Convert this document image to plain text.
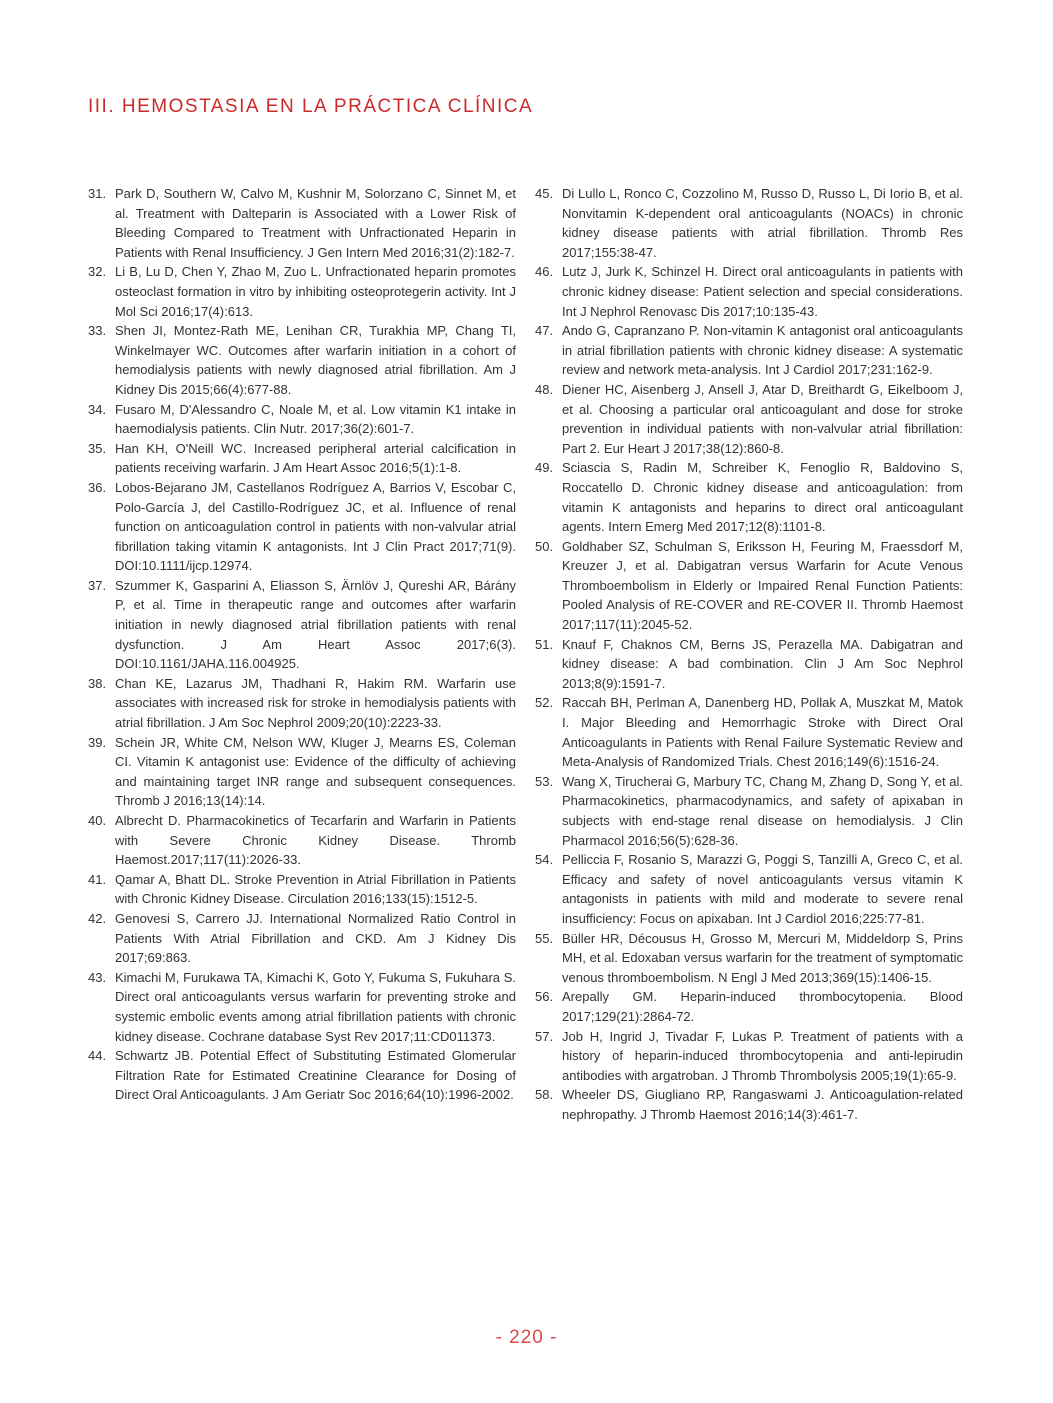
III. HEMOSTASIA EN LA PRÁCTICA CLÍNICA
31. Park D, Southern W, Calvo M, Kushnir M, Solorzano C, Sinnet M, et al. Treatment with Dalteparin is Associated with a Lower Risk of Bleeding Compared to Treatment with Unfractionated Heparin in Patients with Renal Insufficiency. J Gen Intern Med 2016;31(2):182-7.
32. Li B, Lu D, Chen Y, Zhao M, Zuo L. Unfractionated heparin promotes osteoclast formation in vitro by inhibiting osteoprotegerin activity. Int J Mol Sci 2016;17(4):613.
33. Shen JI, Montez-Rath ME, Lenihan CR, Turakhia MP, Chang TI, Winkelmayer WC. Outcomes after warfarin initiation in a cohort of hemodialysis patients with newly diagnosed atrial fibrillation. Am J Kidney Dis 2015;66(4):677-88.
34. Fusaro M, D'Alessandro C, Noale M, et al. Low vitamin K1 intake in haemodialysis patients. Clin Nutr. 2017;36(2):601-7.
35. Han KH, O'Neill WC. Increased peripheral arterial calcification in patients receiving warfarin. J Am Heart Assoc 2016;5(1):1-8.
36. Lobos-Bejarano JM, Castellanos Rodríguez A, Barrios V, Escobar C, Polo-García J, del Castillo-Rodríguez JC, et al. Influence of renal function on anticoagulation control in patients with non-valvular atrial fibrillation taking vitamin K antagonists. Int J Clin Pract 2017;71(9). DOI:10.1111/ijcp.12974.
37. Szummer K, Gasparini A, Eliasson S, Ärnlöv J, Qureshi AR, Bárány P, et al. Time in therapeutic range and outcomes after warfarin initiation in newly diagnosed atrial fibrillation patients with renal dysfunction. J Am Heart Assoc 2017;6(3). DOI:10.1161/JAHA.116.004925.
38. Chan KE, Lazarus JM, Thadhani R, Hakim RM. Warfarin use associates with increased risk for stroke in hemodialysis patients with atrial fibrillation. J Am Soc Nephrol 2009;20(10):2223-33.
39. Schein JR, White CM, Nelson WW, Kluger J, Mearns ES, Coleman CI. Vitamin K antagonist use: Evidence of the difficulty of achieving and maintaining target INR range and subsequent consequences. Thromb J 2016;13(14):14.
40. Albrecht D. Pharmacokinetics of Tecarfarin and Warfarin in Patients with Severe Chronic Kidney Disease. Thromb Haemost.2017;117(11):2026-33.
41. Qamar A, Bhatt DL. Stroke Prevention in Atrial Fibrillation in Patients with Chronic Kidney Disease. Circulation 2016;133(15):1512-5.
42. Genovesi S, Carrero JJ. International Normalized Ratio Control in Patients With Atrial Fibrillation and CKD. Am J Kidney Dis 2017;69:863.
43. Kimachi M, Furukawa TA, Kimachi K, Goto Y, Fukuma S, Fukuhara S. Direct oral anticoagulants versus warfarin for preventing stroke and systemic embolic events among atrial fibrillation patients with chronic kidney disease. Cochrane database Syst Rev 2017;11:CD011373.
44. Schwartz JB. Potential Effect of Substituting Estimated Glomerular Filtration Rate for Estimated Creatinine Clearance for Dosing of Direct Oral Anticoagulants. J Am Geriatr Soc 2016;64(10):1996-2002.
45. Di Lullo L, Ronco C, Cozzolino M, Russo D, Russo L, Di Iorio B, et al. Nonvitamin K-dependent oral anticoagulants (NOACs) in chronic kidney disease patients with atrial fibrillation. Thromb Res 2017;155:38-47.
46. Lutz J, Jurk K, Schinzel H. Direct oral anticoagulants in patients with chronic kidney disease: Patient selection and special considerations. Int J Nephrol Renovasc Dis 2017;10:135-43.
47. Ando G, Capranzano P. Non-vitamin K antagonist oral anticoagulants in atrial fibrillation patients with chronic kidney disease: A systematic review and network meta-analysis. Int J Cardiol 2017;231:162-9.
48. Diener HC, Aisenberg J, Ansell J, Atar D, Breithardt G, Eikelboom J, et al. Choosing a particular oral anticoagulant and dose for stroke prevention in individual patients with non-valvular atrial fibrillation: Part 2. Eur Heart J 2017;38(12):860-8.
49. Sciascia S, Radin M, Schreiber K, Fenoglio R, Baldovino S, Roccatello D. Chronic kidney disease and anticoagulation: from vitamin K antagonists and heparins to direct oral anticoagulant agents. Intern Emerg Med 2017;12(8):1101-8.
50. Goldhaber SZ, Schulman S, Eriksson H, Feuring M, Fraessdorf M, Kreuzer J, et al. Dabigatran versus Warfarin for Acute Venous Thromboembolism in Elderly or Impaired Renal Function Patients: Pooled Analysis of RE-COVER and RE-COVER II. Thromb Haemost 2017;117(11):2045-52.
51. Knauf F, Chaknos CM, Berns JS, Perazella MA. Dabigatran and kidney disease: A bad combination. Clin J Am Soc Nephrol 2013;8(9):1591-7.
52. Raccah BH, Perlman A, Danenberg HD, Pollak A, Muszkat M, Matok I. Major Bleeding and Hemorrhagic Stroke with Direct Oral Anticoagulants in Patients with Renal Failure Systematic Review and Meta-Analysis of Randomized Trials. Chest 2016;149(6):1516-24.
53. Wang X, Tirucherai G, Marbury TC, Chang M, Zhang D, Song Y, et al. Pharmacokinetics, pharmacodynamics, and safety of apixaban in subjects with end-stage renal disease on hemodialysis. J Clin Pharmacol 2016;56(5):628-36.
54. Pelliccia F, Rosanio S, Marazzi G, Poggi S, Tanzilli A, Greco C, et al. Efficacy and safety of novel anticoagulants versus vitamin K antagonists in patients with mild and moderate to severe renal insufficiency: Focus on apixaban. Int J Cardiol 2016;225:77-81.
55. Büller HR, Décousus H, Grosso M, Mercuri M, Middeldorp S, Prins MH, et al. Edoxaban versus warfarin for the treatment of symptomatic venous thromboembolism. N Engl J Med 2013;369(15):1406-15.
56. Arepally GM. Heparin-induced thrombocytopenia. Blood 2017;129(21):2864-72.
57. Job H, Ingrid J, Tivadar F, Lukas P. Treatment of patients with a history of heparin-induced thrombocytopenia and anti-lepirudin antibodies with argatroban. J Thromb Thrombolysis 2005;19(1):65-9.
58. Wheeler DS, Giugliano RP, Rangaswami J. Anticoagulation-related nephropathy. J Thromb Haemost 2016;14(3):461-7.
- 220 -
